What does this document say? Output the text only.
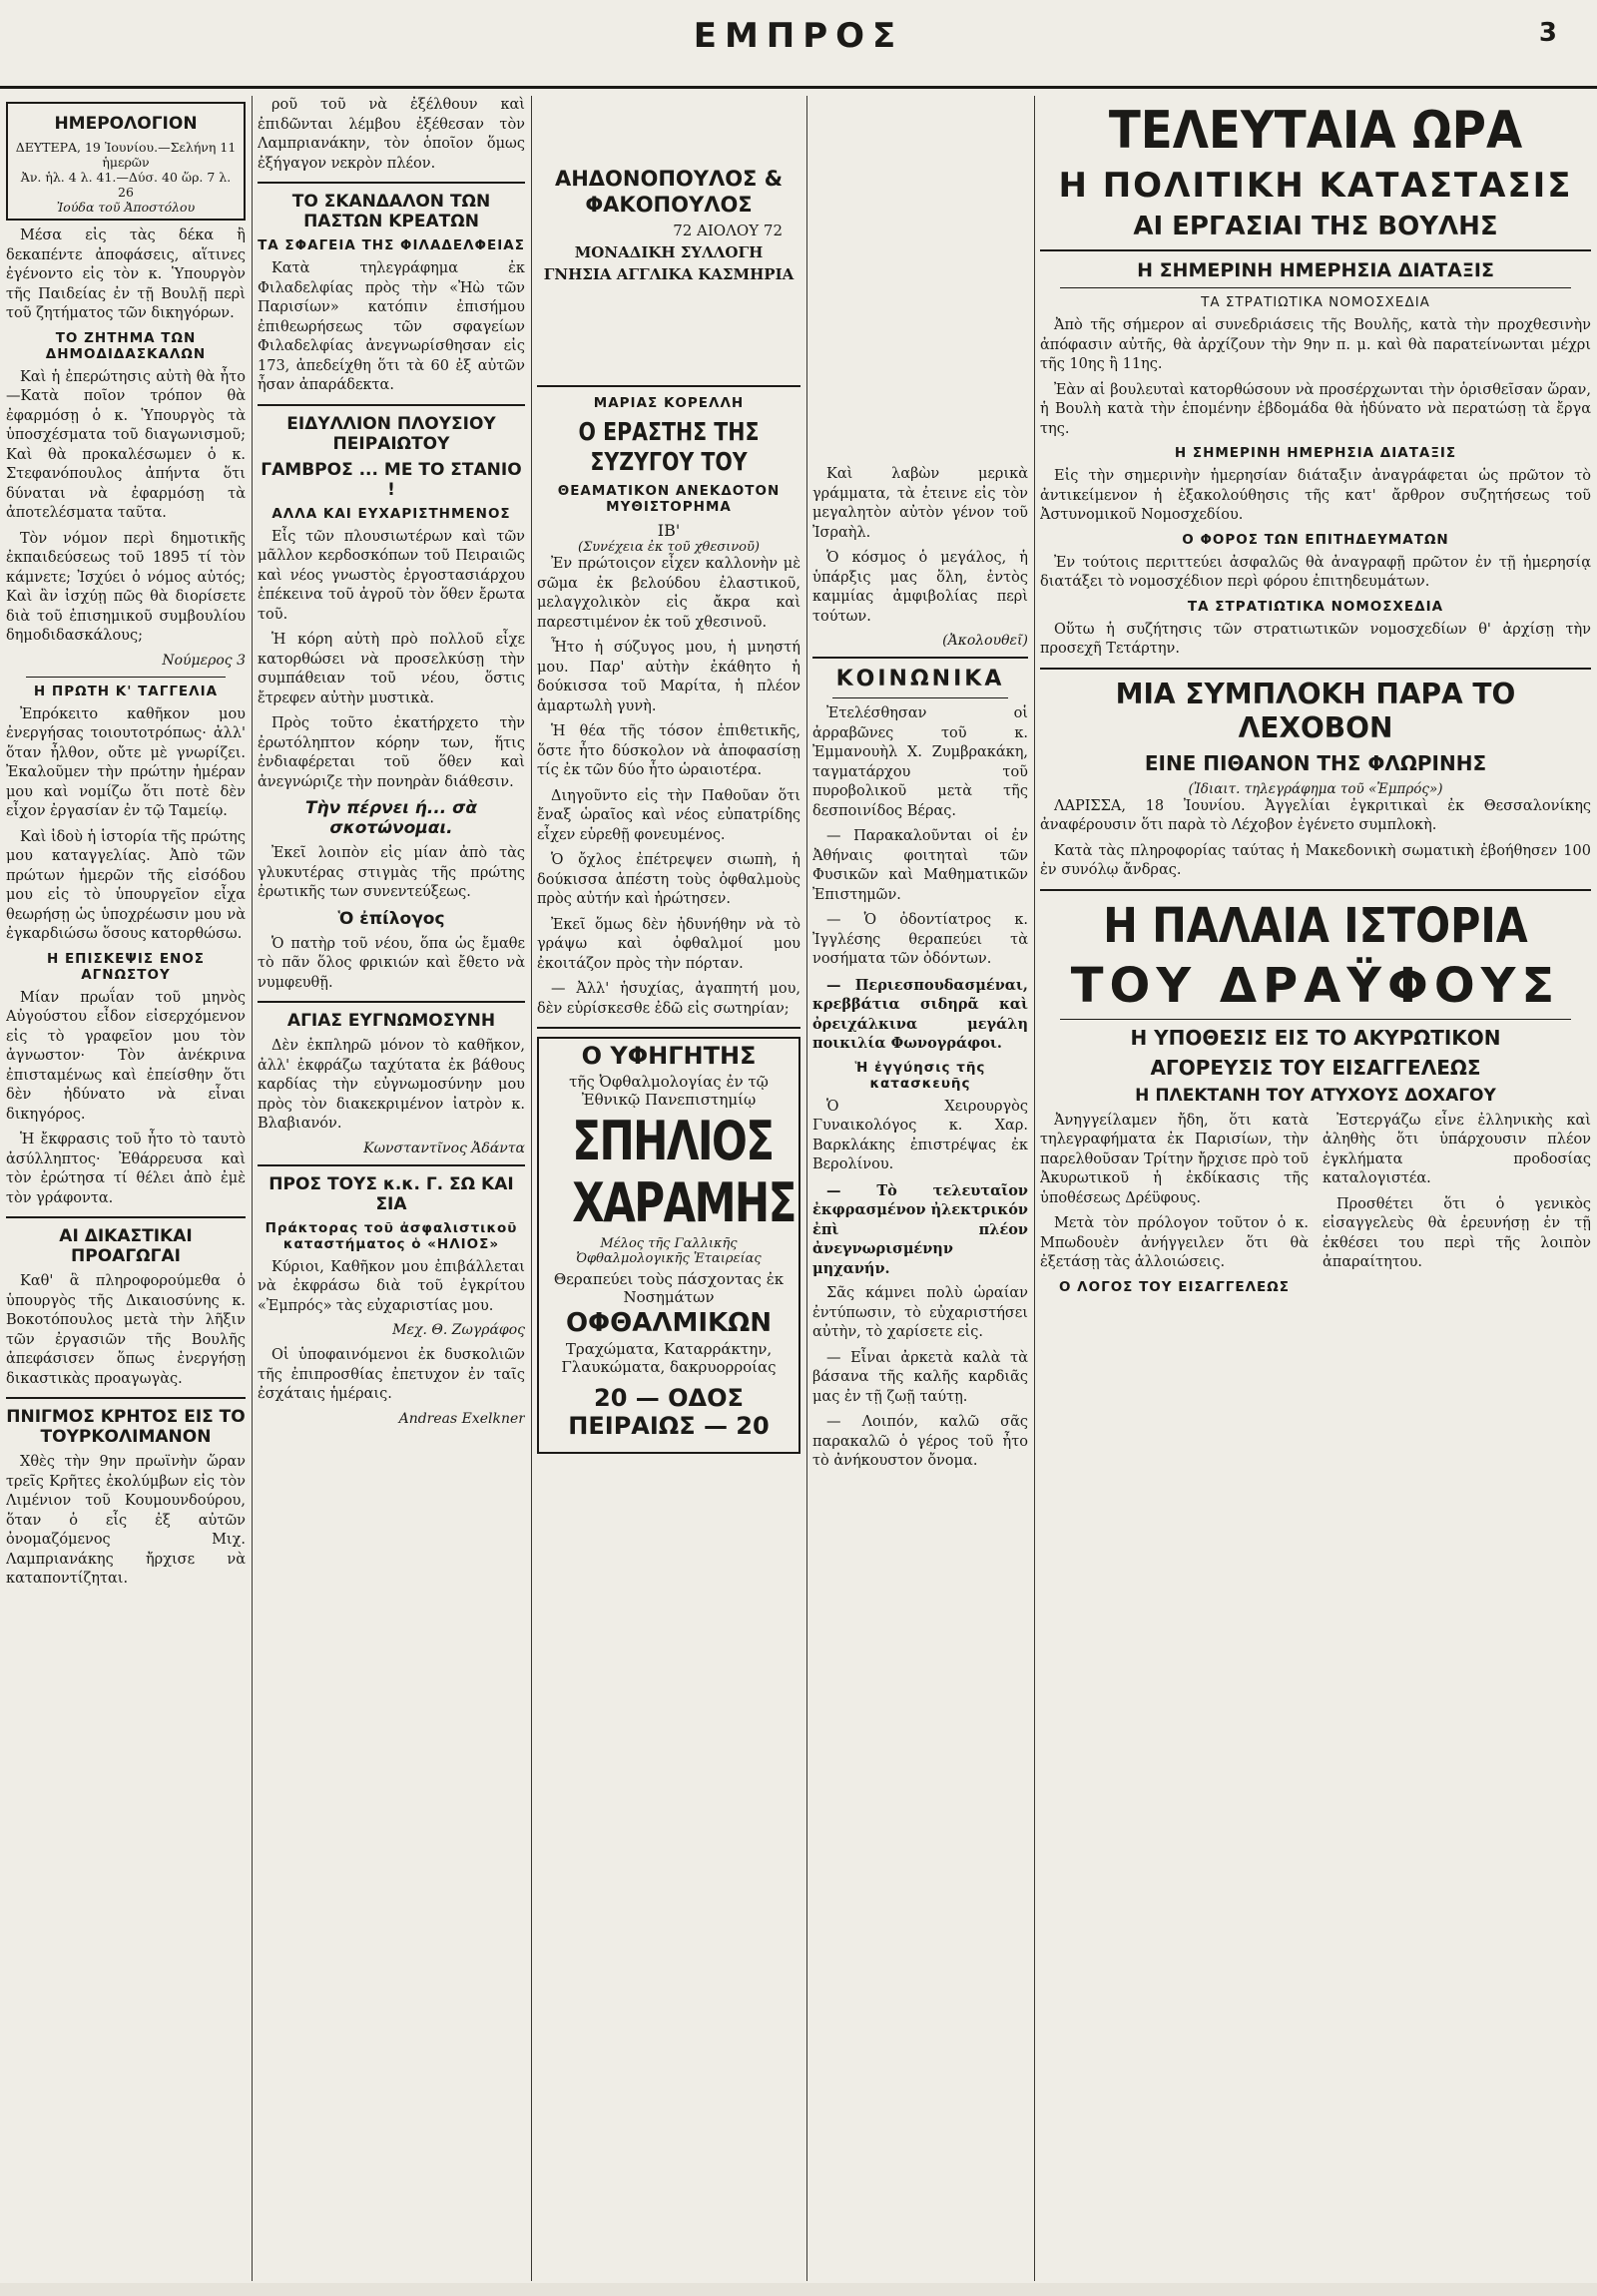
ΕΜΠΡΟΣ	3
ΗΜΕΡΟΛΟΓΙΟΝ
ΔΕΥΤΕΡΑ, 19 Ἰουνίου.—Σελήνη 11 ἡμερῶν
Ἀν. ἡλ. 4 λ. 41.—Δύσ. 40 ὥρ. 7 λ. 26
Ἰούδα τοῦ Ἀποστόλου

Μέσα εἰς τὰς δέκα ἢ δεκαπέντε ἀποφάσεις, αἵτινες ἐγένοντο εἰς τὸν κ. Ὑπουργὸν τῆς Παιδείας ἐν τῇ Βουλῇ περὶ τοῦ ζητήματος τῶν δικηγόρων.

ΤΟ ΖΗΤΗΜΑ ΤΩΝ ΔΗΜΟΔΙΔΑΣΚΑΛΩΝ

Καὶ ἡ ἐπερώτησις αὐτὴ θὰ ἦτο —Κατὰ ποῖον τρόπον θὰ ἐφαρμόσῃ ὁ κ. Ὑπουργὸς τὰ ὑποσχέσματα τοῦ διαγωνισμοῦ; Καὶ θὰ προκαλέσωμεν ὁ κ. Στεφανόπουλος ἀπήντα ὅτι δύναται νὰ ἐφαρμόσῃ τὰ ἀποτελέσματα ταῦτα.

Τὸν νόμον περὶ δημοτικῆς ἐκπαιδεύσεως τοῦ 1895 τί τὸν κάμνετε; Ἰσχύει ὁ νόμος αὐτός; Καὶ ἂν ἰσχύῃ πῶς θὰ διορίσετε διὰ τοῦ ἐπισημικοῦ συμβουλίου δημοδιδασκάλους;

Νούμερος 3
Η ΠΡΩΤΗ Κ' ΤΑΓΓΕΛΙΑ

Ἐπρόκειτο καθῆκον μου ἐνεργήσας τοιουτοτρόπως· ἀλλ' ὅταν ἦλθον, οὔτε μὲ γνωρίζει. Ἐκαλοῦμεν τὴν πρώτην ἡμέραν μου καὶ νομίζω ὅτι ποτὲ δὲν εἶχον ἐργασίαν ἐν τῷ Ταμείῳ.

Καὶ ἰδοὺ ἡ ἱστορία τῆς πρώτης μου καταγγελίας. Ἀπὸ τῶν πρώτων ἡμερῶν τῆς εἰσόδου μου εἰς τὸ ὑπουργεῖον εἶχα θεωρήσῃ ὡς ὑποχρέωσιν μου νὰ ἐγκαρδιώσω ὅσους κατορθώσω.

Η ΕΠΙΣΚΕΨΙΣ ΕΝΟΣ ΑΓΝΩΣΤΟΥ

Μίαν πρωΐαν τοῦ μηνὸς Αὐγούστου εἶδον εἰσερχόμενον εἰς τὸ γραφεῖον μου τὸν ἀγνωστον· Τὸν ἀνέκρινα ἐπισταμένως καὶ ἐπείσθην ὅτι δὲν ἠδύνατο νὰ εἶναι δικηγόρος.

Ἡ ἔκφρασις τοῦ ἦτο τὸ ταυτὸ ἀσύλληπτος· Ἐθάρρευσα καὶ τὸν ἐρώτησα τί θέλει ἀπὸ ἐμὲ τὸν γράφοντα.

ΑΙ ΔΙΚΑΣΤΙΚΑΙ ΠΡΟΑΓΩΓΑΙ

Καθ' ἃ πληροφορούμεθα ὁ ὑπουργὸς τῆς Δικαιοσύνης κ. Βοκοτόπουλος μετὰ τὴν λῆξιν τῶν ἐργασιῶν τῆς Βουλῆς ἀπεφάσισεν ὅπως ἐνεργήσῃ δικαστικὰς προαγωγὰς.

ΠΝΙΓΜΟΣ ΚΡΗΤΟΣ ΕΙΣ ΤΟ ΤΟΥΡΚΟΛΙΜΑΝΟΝ

Χθὲς τὴν 9ην πρωϊνὴν ὥραν τρεῖς Κρῆτες ἐκολύμβων εἰς τὸν Λιμένιον τοῦ Κουμουνδούρου, ὅταν ὁ εἷς ἐξ αὐτῶν ὀνομαζόμενος Μιχ. Λαμπριανάκης ἤρχισε νὰ καταποντίζηται.

ροῦ τοῦ νὰ ἐξέλθουν καὶ ἐπιδῶνται λέμβου ἐξέθεσαν τὸν Λαμπριανάκην, τὸν ὁποῖον ὅμως ἐξήγαγον νεκρὸν πλέον.

ΤΟ ΣΚΑΝΔΑΛΟΝ ΤΩΝ ΠΑΣΤΩΝ ΚΡΕΑΤΩΝ
ΤΑ ΣΦΑΓΕΙΑ ΤΗΣ ΦΙΛΑΔΕΛΦΕΙΑΣ

Κατὰ τηλεγράφημα ἐκ Φιλαδελφίας πρὸς τὴν «Ἠὼ τῶν Παρισίων» κατόπιν ἐπισήμου ἐπιθεωρήσεως τῶν σφαγείων Φιλαδελφίας ἀνεγνωρίσθησαν εἰς 173, ἀπεδείχθη ὅτι τὰ 60 ἐξ αὐτῶν ἦσαν ἀπαράδεκτα.

ΕΙΔΥΛΛΙΟΝ ΠΛΟΥΣΙΟΥ ΠΕΙΡΑΙΩΤΟΥ
ΓΑΜΒΡΟΣ ... ΜΕ ΤΟ ΣΤΑΝΙΟ !
ΑΛΛΑ ΚΑΙ ΕΥΧΑΡΙΣΤΗΜΕΝΟΣ

Εἷς τῶν πλουσιωτέρων καὶ τῶν μᾶλλον κερδοσκόπων τοῦ Πειραιῶς καὶ νέος γνωστὸς ἐργοστασιάρχου ἐπέκεινα τοῦ ἀγροῦ τὸν ὅθεν ἔρωτα τοῦ.

Ἡ κόρη αὐτὴ πρὸ πολλοῦ εἶχε κατορθώσει νὰ προσελκύσῃ τὴν συμπάθειαν τοῦ νέου, ὅστις ἔτρεφεν αὐτὴν μυστικὰ.

Πρὸς τοῦτο ἐκατήρχετο τὴν ἐρωτόληπτον κόρην των, ἥτις ἐνδιαφέρεται τοῦ ὅθεν καὶ ἀνεγνώριζε τὴν πονηρὰν διάθεσιν.

Τὴν πέρνει ή... σὰ σκοτώνομαι.

Ἐκεῖ λοιπὸν εἰς μίαν ἀπὸ τὰς γλυκυτέρας στιγμὰς τῆς πρώτης ἐρωτικῆς των συνεντεύξεως.

Ὁ ἐπίλογος

Ὁ πατὴρ τοῦ νέου, ὅπα ὡς ἔμαθε τὸ πᾶν ὅλος φρικιών καὶ ἔθετο νὰ νυμφευθῇ.

ΑΓΙΑΣ ΕΥΓΝΩΜΟΣΥΝΗ

Δὲν ἐκπληρῶ μόνον τὸ καθῆκον, ἀλλ' ἐκφράζω ταχύτατα ἐκ βάθους καρδίας τὴν εὐγνωμοσύνην μου πρὸς τὸν διακεκριμένον ἰατρὸν κ. Βλαβιανόν.

Κωνσταντῖνος Ἀδάντα
ΠΡΟΣ ΤΟΥΣ κ.κ. Γ. ΣΩ ΚΑΙ ΣΙΑ
Πράκτορας τοῦ ἀσφαλιστικοῦ καταστήματος ὁ «ΗΛΙΟΣ»

Κύριοι, Καθῆκον μου ἐπιβάλλεται νὰ ἐκφράσω διὰ τοῦ ἐγκρίτου «Ἐμπρός» τὰς εὐχαριστίας μου.

Μεχ. Θ. Ζωγράφος

Οἱ ὑποφαινόμενοι ἐκ δυσκολιῶν τῆς ἐπιπροσθίας ἐπετυχον ἐν ταῖς ἐσχάταις ἡμέραις.

Andreas Exelkner
ΑΗΔΟΝΟΠΟΥΛΟΣ & ΦΑΚΟΠΟΥΛΟΣ
72 ΑΙΟΛΟΥ 72
ΜΟΝΑΔΙΚΗ ΣΥΛΛΟΓΗ
ΓΝΗΣΙΑ ΑΓΓΛΙΚΑ ΚΑΣΜΗΡΙΑ
ΜΑΡΙΑΣ ΚΟΡΕΛΛΗ
Ο ΕΡΑΣΤΗΣ ΤΗΣ ΣΥΖΥΓΟΥ ΤΟΥ
ΘΕΑΜΑΤΙΚΟΝ ΑΝΕΚΔΟΤΟΝ ΜΥΘΙΣΤΟΡΗΜΑ
ΙΒ'
(Συνέχεια ἐκ τοῦ χθεσινοῦ)

Ἐν πρώτοιςον εἶχεν καλλονὴν μὲ σῶμα ἐκ βελούδου ἐλαστικοῦ, μελαγχολικὸν εἰς ἄκρα καὶ παρεστιμένον ἐκ τοῦ χθεσινοῦ.

Ἦτο ἡ σύζυγος μου, ἡ μνηστή μου. Παρ' αὐτὴν ἐκάθητο ἡ δούκισσα τοῦ Μαρίτα, ἡ πλέον ἀμαρτωλὴ γυνὴ.

Ἡ θέα τῆς τόσον ἐπιθετικῆς, ὅστε ἦτο δύσκολον νὰ ἀποφασίσῃ τίς ἐκ τῶν δύο ἦτο ὡραιοτέρα.

Διηγοῦντο εἰς τὴν Παθοῦαν ὅτι ἔναξ ὡραῖος καὶ νέος εὐπατρίδης εἶχεν εὑρεθῇ φονευμένος.

Ὁ ὄχλος ἐπέτρεψεν σιωπὴ, ἡ δούκισσα ἀπέστη τοὺς ὀφθαλμοὺς πρὸς αὐτήν καὶ ἠρώτησεν.

Ἐκεῖ ὅμως δὲν ἠδυνήθην νὰ τὸ γράψω καὶ ὀφθαλμοί μου ἐκοιτάζον πρὸς τὴν πόρταν.

— Ἀλλ' ἡσυχίας, ἀγαπητή μου, δὲν εὑρίσκεσθε ἐδῶ εἰς σωτηρίαν;

Ο ΥΦΗΓΗΤΗΣ
τῆς Ὀφθαλμολογίας ἐν τῷ Ἐθνικῷ Πανεπιστημίῳ
ΣΠΗΛΙΟΣ
ΧΑΡΑΜΗΣ
Μέλος τῆς Γαλλικῆς Ὀφθαλμολογικῆς Ἑταιρείας
Θεραπεύει τοὺς πάσχοντας ἐκ Νοσημάτων
ΟΦΘΑΛΜΙΚΩΝ
Τραχώματα, Καταρράκτην, Γλαυκώματα, δακρυορροίας
20 — ΟΔΟΣ ΠΕΙΡΑΙΩΣ — 20

Καὶ λαβὼν μερικὰ γράμματα, τὰ ἐτεινε εἰς τὸν μεγαλητὸν αὐτὸν γένον τοῦ Ἰσραὴλ.

Ὁ κόσμος ὁ μεγάλος, ἡ ὑπάρξις μας ὅλη, ἐντὸς καμμίας ἀμφιβολίας περὶ τούτων.

(Ἀκολουθεῖ)
ΚΟΙΝΩΝΙΚΑ

Ἐτελέσθησαν οἱ ἀρραβῶνες τοῦ κ. Ἐμμανουὴλ Χ. Ζυμβρακάκη, ταγματάρχου τοῦ πυροβολικοῦ μετὰ τῆς δεσποινίδος Βέρας.

— Παρακαλοῦνται οἱ ἐν Ἀθήναις φοιτηταὶ τῶν Φυσικῶν καὶ Μαθηματικῶν Ἐπιστημῶν.

— Ὁ ὀδοντίατρος κ. Ἰγγλέσης θεραπεύει τὰ νοσήματα τῶν ὀδόντων.

— Περιεσπουδασμέναι, κρεββάτια σιδηρᾶ καὶ ὀρειχάλκινα μεγάλη ποικιλία Φωνογράφοι.

Ἡ ἐγγύησις τῆς κατασκευῆς

Ὁ Χειρουργὸς Γυναικολόγος κ. Χαρ. Βαρκλάκης ἐπιστρέψας ἐκ Βερολίνου.

— Τὸ τελευταῖον ἐκφρασμένον ἠλεκτρικόν ἐπὶ πλέον ἀνεγνωρισμένην μηχανήν.

Σᾶς κάμνει πολὺ ὡραίαν ἐντύπωσιν, τὸ εὐχαριστήσει αὐτὴν, τὸ χαρίσετε εἰς.

— Εἶναι ἀρκετὰ καλὰ τὰ βάσανα τῆς καλῆς καρδιᾶς μας ἐν τῇ ζωῇ ταύτῃ.

— Λοιπόν, καλῶ σᾶς παρακαλῶ ὁ γέρος τοῦ ἦτο τὸ ἀνήκουστον ὄνομα.

ΤΕΛΕΥΤΑΙΑ ΩΡΑ
Η ΠΟΛΙΤΙΚΗ ΚΑΤΑΣΤΑΣΙΣ
ΑΙ ΕΡΓΑΣΙΑΙ ΤΗΣ ΒΟΥΛΗΣ
Η ΣΗΜΕΡΙΝΗ ΗΜΕΡΗΣΙΑ ΔΙΑΤΑΞΙΣ
ΤΑ ΣΤΡΑΤΙΩΤΙΚΑ ΝΟΜΟΣΧΕΔΙΑ

Ἀπὸ τῆς σήμερον αἱ συνεδριάσεις τῆς Βουλῆς, κατὰ τὴν προχθεσινὴν ἀπόφασιν αὐτῆς, θὰ ἀρχίζουν τὴν 9ην π. μ. καὶ θὰ παρατείνωνται μέχρι τῆς 10ης ἢ 11ης.

Ἐὰν αἱ βουλευταὶ κατορθώσουν νὰ προσέρχωνται τὴν ὁρισθεῖσαν ὥραν, ἡ Βουλὴ κατὰ τὴν ἑπομένην ἑβδομάδα θὰ ἠδύνατο νὰ περατώσῃ τὰ ἔργα της.

Η ΣΗΜΕΡΙΝΗ ΗΜΕΡΗΣΙΑ ΔΙΑΤΑΞΙΣ

Εἰς τὴν σημερινὴν ἡμερησίαν διάταξιν ἀναγράφεται ὡς πρῶτον τὸ ἀντικείμενον ἡ ἐξακολούθησις τῆς κατ' ἄρθρον συζητήσεως τοῦ Ἀστυνομικοῦ Νομοσχεδίου.

Ο ΦΟΡΟΣ ΤΩΝ ΕΠΙΤΗΔΕΥΜΑΤΩΝ

Ἐν τούτοις περιττεύει ἀσφαλῶς θὰ ἀναγραφῇ πρῶτον ἐν τῇ ἡμερησίᾳ διατάξει τὸ νομοσχέδιον περὶ φόρου ἐπιτηδευμάτων.

ΤΑ ΣΤΡΑΤΙΩΤΙΚΑ ΝΟΜΟΣΧΕΔΙΑ

Οὕτω ἡ συζήτησις τῶν στρατιωτικῶν νομοσχεδίων θ' ἀρχίσῃ τὴν προσεχῆ Τετάρτην.

ΜΙΑ ΣΥΜΠΛΟΚΗ ΠΑΡΑ ΤΟ ΛΕΧΟΒΟΝ
ΕΙΝΕ ΠΙΘΑΝΟΝ ΤΗΣ ΦΛΩΡΙΝΗΣ
(Ἰδιαιτ. τηλεγράφημα τοῦ «Ἐμπρός»)

ΛΑΡΙΣΣΑ, 18 Ἰουνίου. Ἀγγελίαι ἐγκριτικαὶ ἐκ Θεσσαλονίκης ἀναφέρουσιν ὅτι παρὰ τὸ Λέχοβον ἐγένετο συμπλοκὴ.

Κατὰ τὰς πληροφορίας ταύτας ἡ Μακεδονικὴ σωματικὴ ἐβοήθησεν 100 ἐν συνόλῳ ἄνδρας.

Η ΠΑΛΑΙΑ ΙΣΤΟΡΙΑ
ΤΟΥ ΔΡΑΫΦΟΥΣ
Η ΥΠΟΘΕΣΙΣ ΕΙΣ ΤΟ ΑΚΥΡΩΤΙΚΟΝ
ΑΓΟΡΕΥΣΙΣ ΤΟΥ ΕΙΣΑΓΓΕΛΕΩΣ
Η ΠΛΕΚΤΑΝΗ ΤΟΥ ΑΤΥΧΟΥΣ ΔΟΧΑΓΟΥ

Ἀνηγγείλαμεν ἤδη, ὅτι κατὰ τηλεγραφήματα ἐκ Παρισίων, τὴν παρελθοῦσαν Τρίτην ἤρχισε πρὸ τοῦ Ἀκυρωτικοῦ ἡ ἐκδίκασις τῆς ὑποθέσεως Δρέϋφους.

Μετὰ τὸν πρόλογον τοῦτον ὁ κ. Μπωδουὲν ἀνήγγειλεν ὅτι θὰ ἐξετάσῃ τὰς ἀλλοιώσεις.

Ο ΛΟΓΟΣ ΤΟΥ ΕΙΣΑΓΓΕΛΕΩΣ

Ἐστεργάζω εἶνε ἐλληνικὴς καὶ ἀληθὴς ὅτι ὑπάρχουσιν πλέον ἐγκλήματα προδοσίας καταλογιστέα.

Προσθέτει ὅτι ὁ γενικὸς εἰσαγγελεὺς θὰ ἐρευνήσῃ ἐν τῇ ἐκθέσει του περὶ τῆς λοιπὸν ἀπαραίτητου.
